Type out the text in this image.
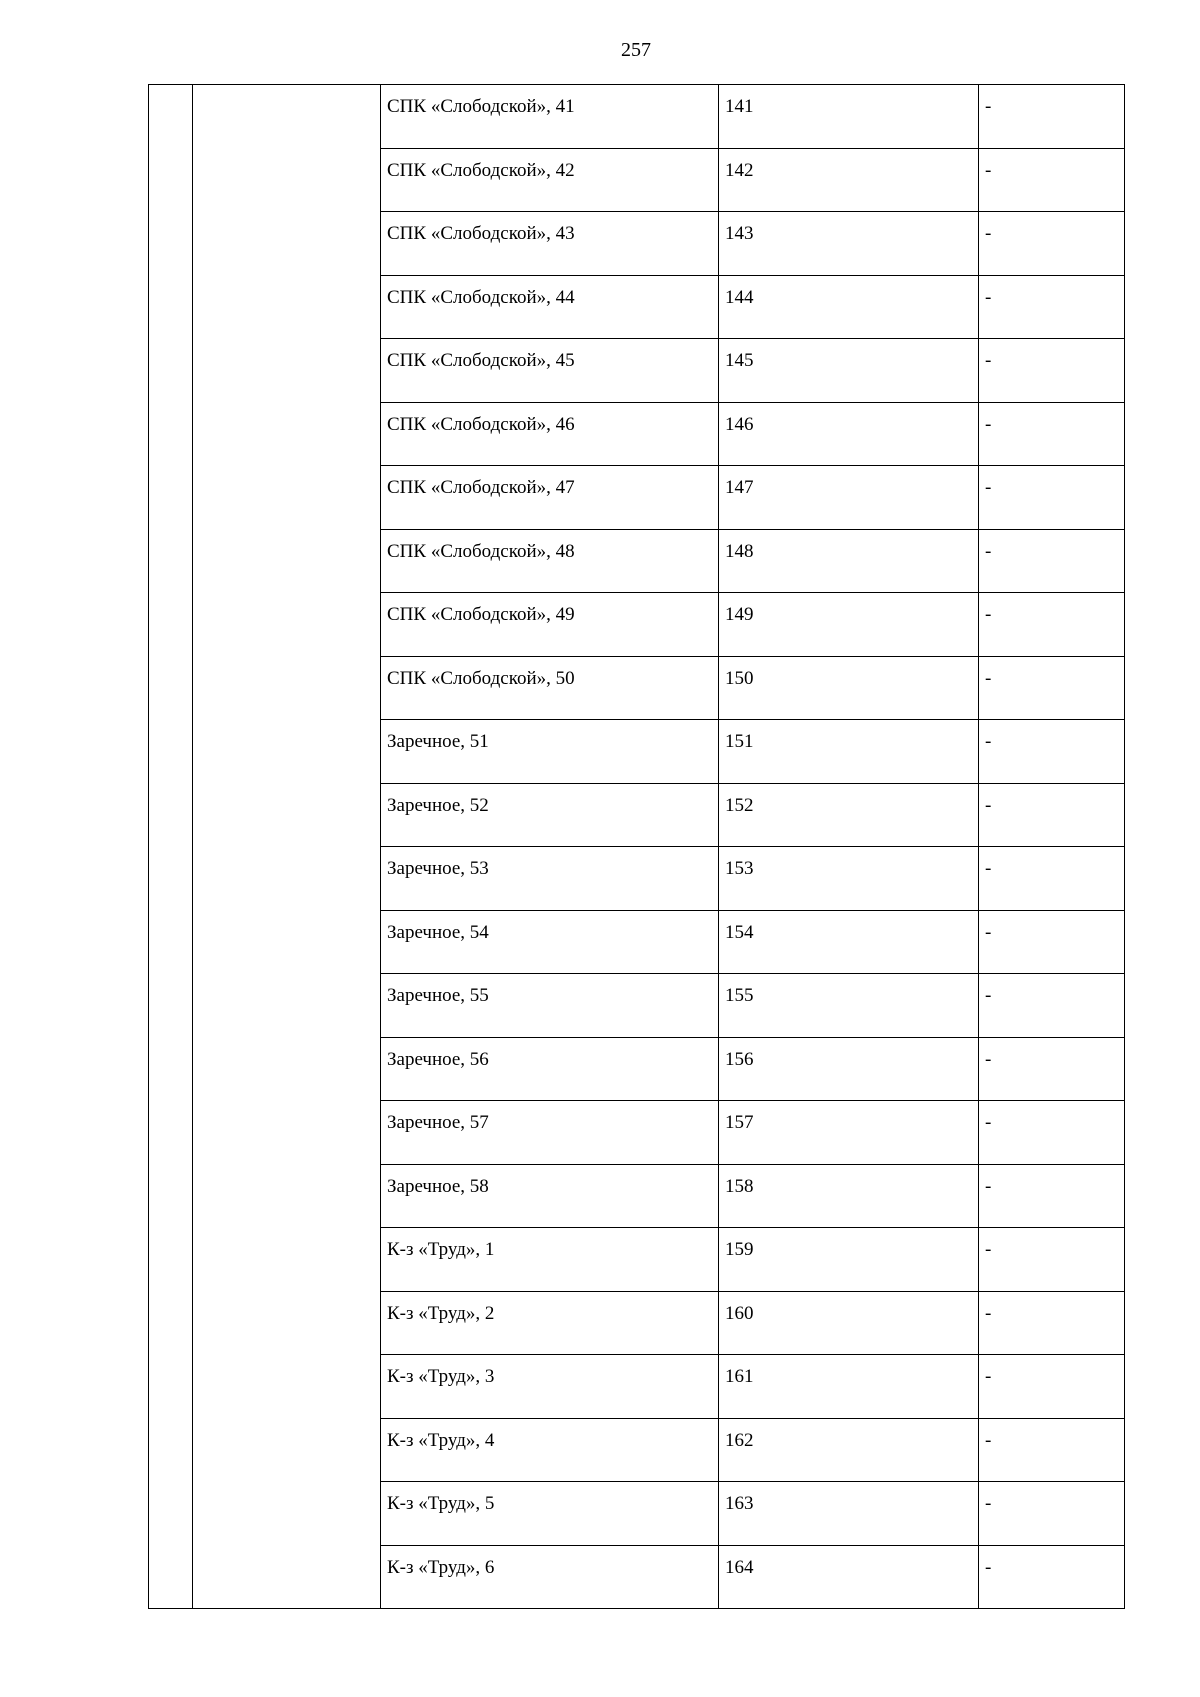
257
		СПК «Слободской», 41	141	-
		СПК «Слободской», 42	142	-
		СПК «Слободской», 43	143	-
		СПК «Слободской», 44	144	-
		СПК «Слободской», 45	145	-
		СПК «Слободской», 46	146	-
		СПК «Слободской», 47	147	-
		СПК «Слободской», 48	148	-
		СПК «Слободской», 49	149	-
		СПК «Слободской», 50	150	-
		Заречное, 51	151	-
		Заречное, 52	152	-
		Заречное, 53	153	-
		Заречное, 54	154	-
		Заречное, 55	155	-
		Заречное, 56	156	-
		Заречное, 57	157	-
		Заречное, 58	158	-
		К-з «Труд», 1	159	-
		К-з «Труд», 2	160	-
		К-з «Труд», 3	161	-
		К-з «Труд», 4	162	-
		К-з «Труд», 5	163	-
		К-з «Труд», 6	164	-
